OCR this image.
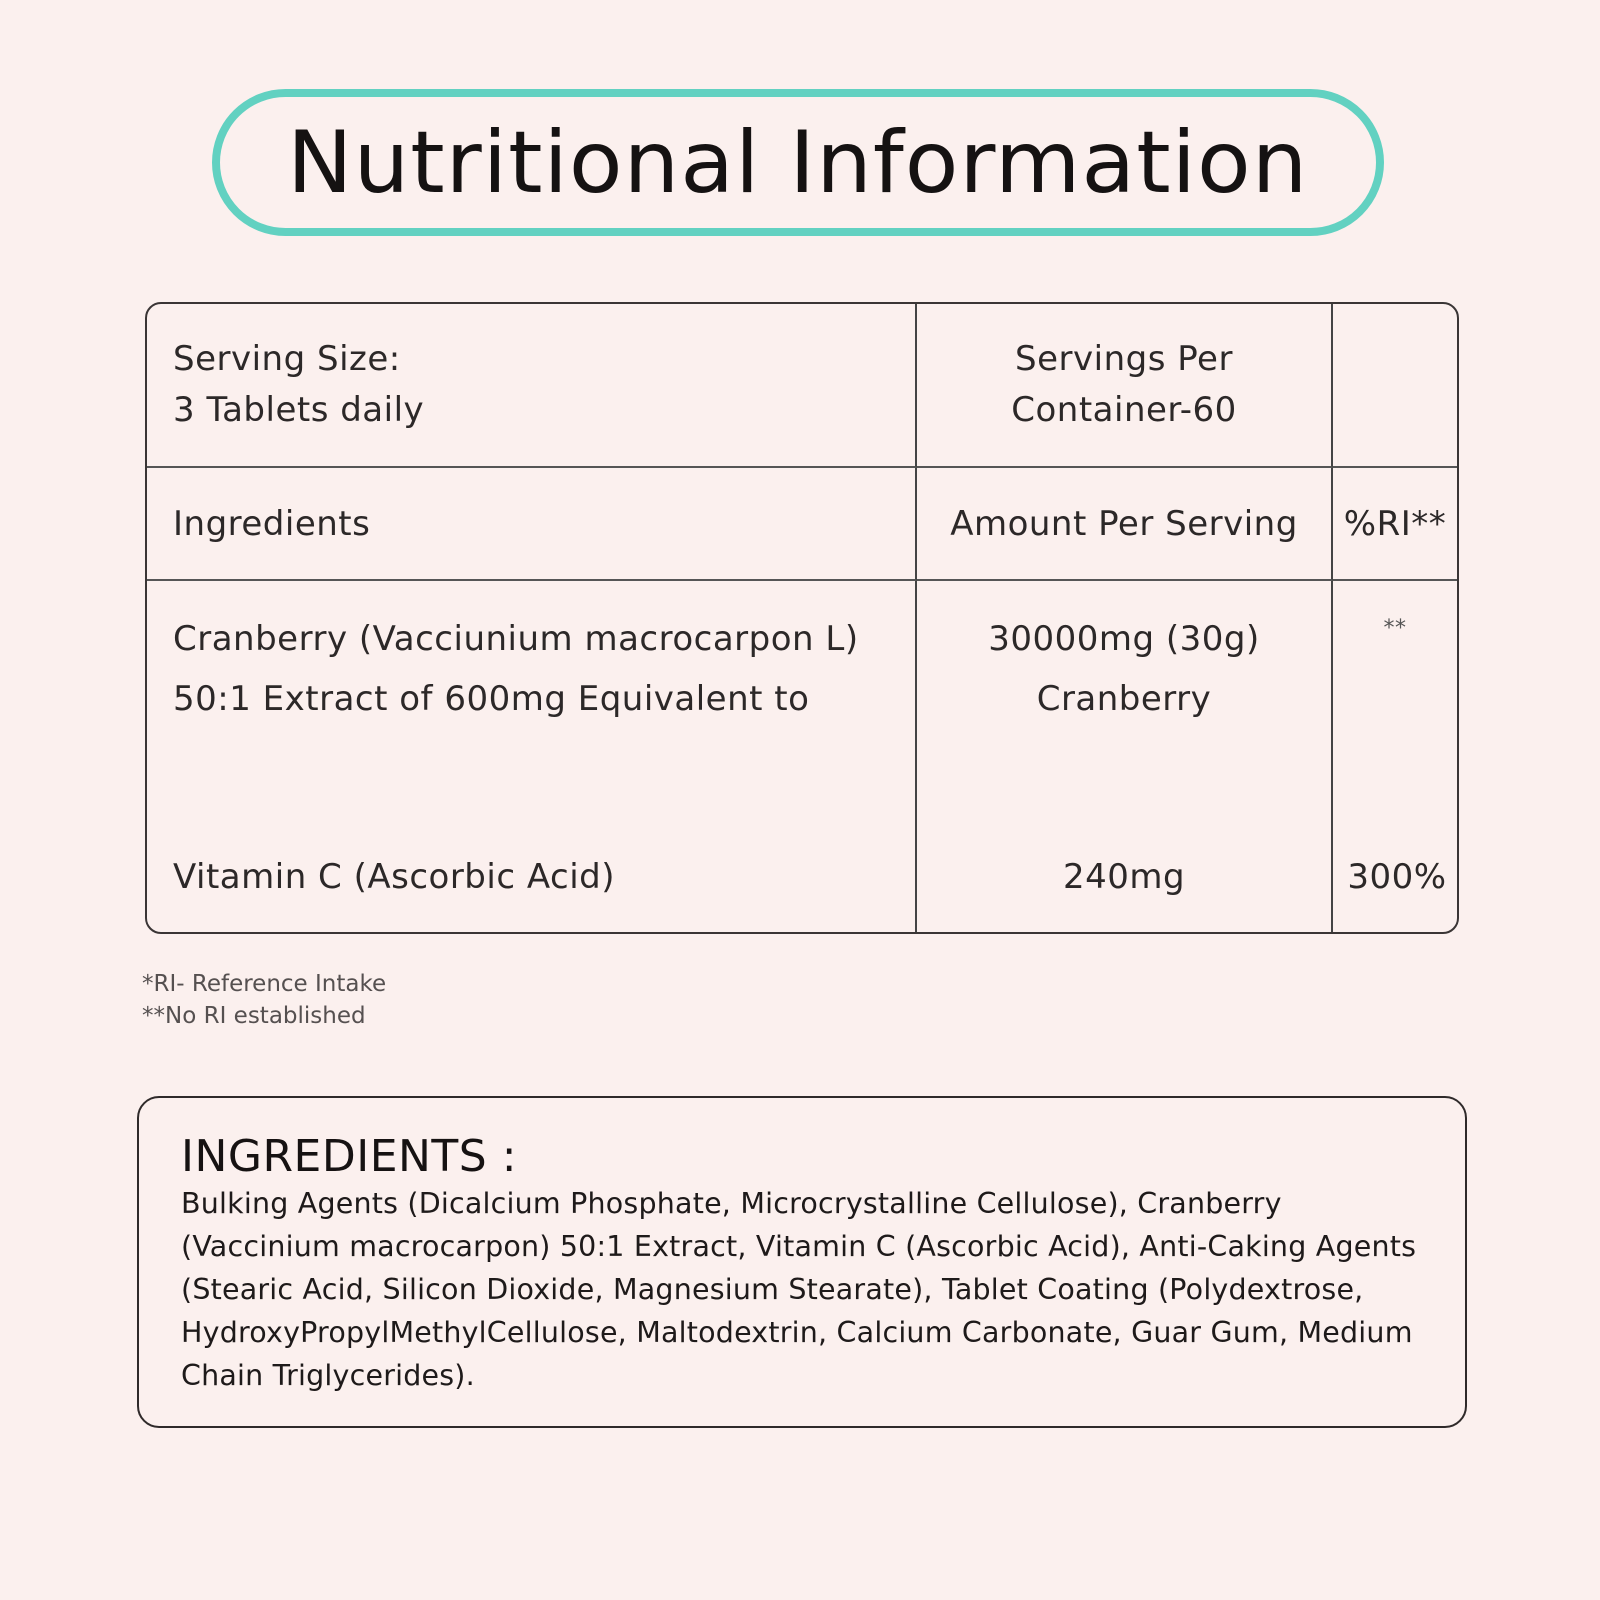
Nutritional Information
Serving Size:
3 Tablets daily
Servings Per
Container-60
Ingredients	Amount Per Serving	%RI**
Cranberry (Vacciunium macrocarpon L) 50:1 Extract of 600mg Equivalent to
Vitamin C (Ascorbic Acid)
30000mg (30g)
Cranberry
240mg
**
300%
*RI- Reference Intake
**No RI established
INGREDIENTS :

Bulking Agents (Dicalcium Phosphate, Microcrystalline Cellulose), Cranberry (Vaccinium macrocarpon) 50:1 Extract, Vitamin C (Ascorbic Acid), Anti-Caking Agents (Stearic Acid, Silicon Dioxide, Magnesium Stearate), Tablet Coating (Polydextrose, HydroxyPropylMethylCellulose, Maltodextrin, Calcium Carbonate, Guar Gum, Medium Chain Triglycerides).
